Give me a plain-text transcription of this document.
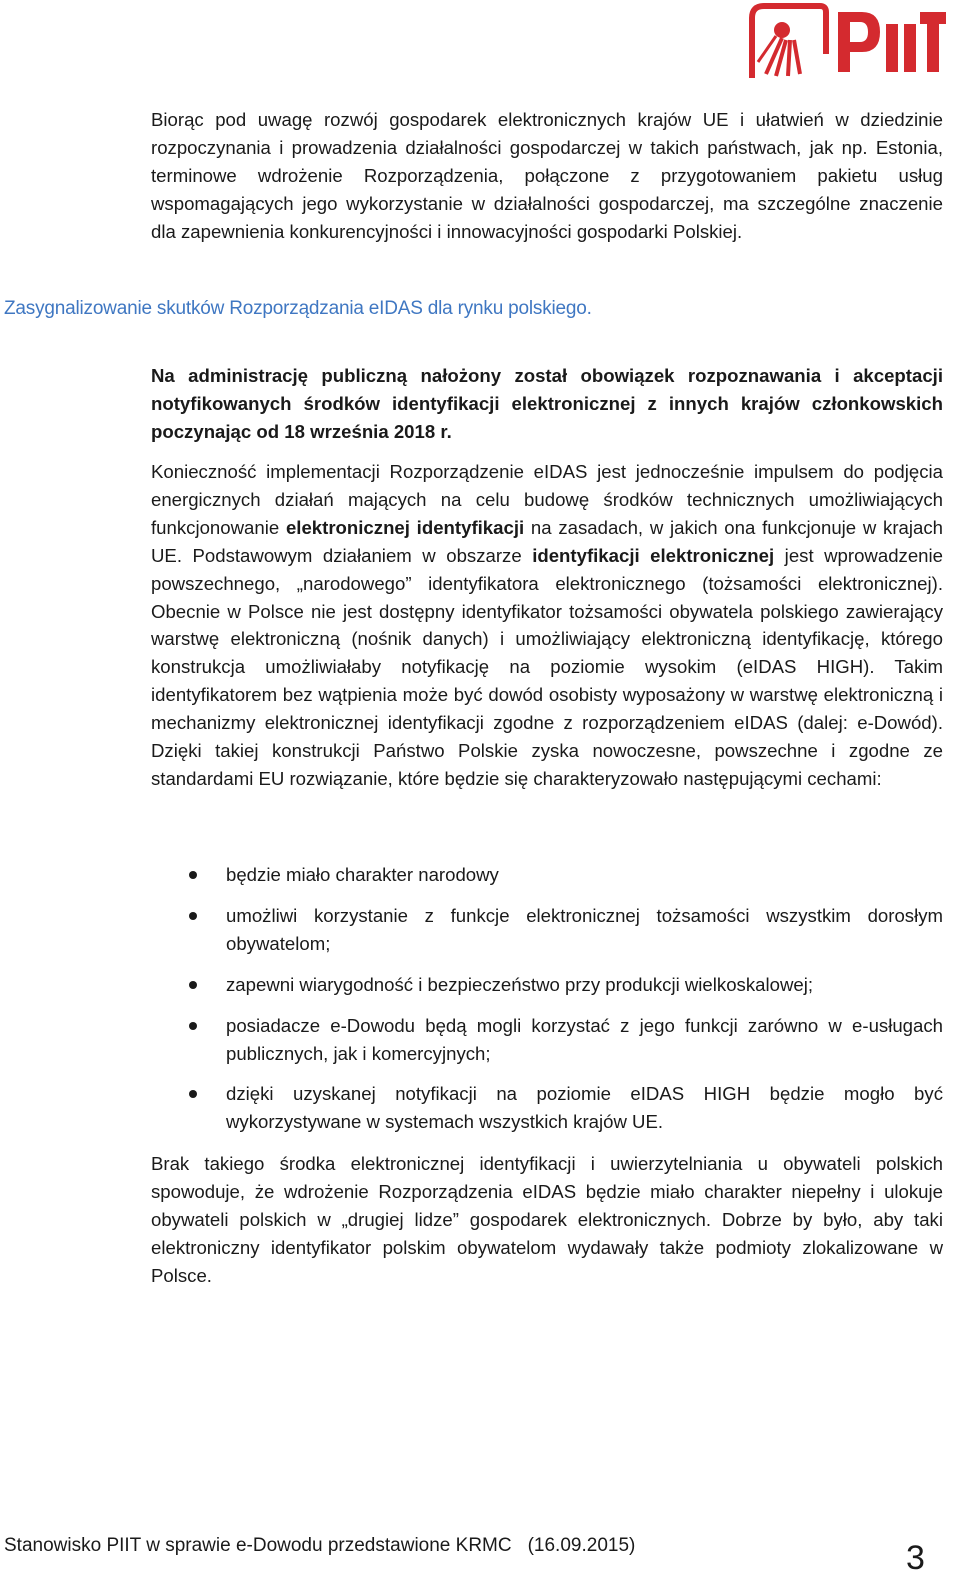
Biorąc pod uwagę rozwój gospodarek elektronicznych krajów UE i ułatwień w dziedzinie rozpoczynania i prowadzenia działalności gospodarczej w takich państwach, jak np. Estonia, terminowe wdrożenie Rozporządzenia, połączone z przygotowaniem pakietu usług wspomagających jego wykorzystanie w działalności gospodarczej, ma szczególne znaczenie dla zapewnienia konkurencyjności i innowacyjności gospodarki Polskiej.

Zasygnalizowanie skutków Rozporządzania eIDAS dla rynku polskiego.

Na administrację publiczną nałożony został obowiązek rozpoznawania i akceptacji notyfikowanych środków identyfikacji elektronicznej z innych krajów członkowskich poczynając od 18 września 2018 r.

Konieczność implementacji Rozporządzenie eIDAS jest jednocześnie impulsem do podjęcia energicznych działań mających na celu budowę środków technicznych umożliwiających funkcjonowanie elektronicznej identyfikacji na zasadach, w jakich ona funkcjonuje w krajach UE. Podstawowym działaniem w obszarze identyfikacji elektronicznej jest wprowadzenie powszechnego, „narodowego” identyfikatora elektronicznego (tożsamości elektronicznej). Obecnie w Polsce nie jest dostępny identyfikator tożsamości obywatela polskiego zawierający warstwę elektroniczną (nośnik danych) i umożliwiający elektroniczną identyfikację, którego konstrukcja umożliwiałaby notyfikację na poziomie wysokim (eIDAS HIGH). Takim identyfikatorem bez wątpienia może być dowód osobisty wyposażony w warstwę elektroniczną i mechanizmy elektronicznej identyfikacji zgodne z rozporządzeniem eIDAS (dalej: e-Dowód). Dzięki takiej konstrukcji Państwo Polskie zyska nowoczesne, powszechne i zgodne ze standardami EU rozwiązanie, które będzie się charakteryzowało następującymi cechami:

będzie miało charakter narodowy
umożliwi korzystanie z funkcje elektronicznej tożsamości wszystkim dorosłym obywatelom;
zapewni wiarygodność i bezpieczeństwo przy produkcji wielkoskalowej;
posiadacze e-Dowodu będą mogli korzystać z jego funkcji zarówno w e-usługach publicznych, jak i komercyjnych;
dzięki uzyskanej notyfikacji na poziomie eIDAS HIGH będzie mogło być wykorzystywane w systemach wszystkich krajów UE.

Brak takiego środka elektronicznej identyfikacji i uwierzytelniania u obywateli polskich spowoduje, że wdrożenie Rozporządzenia eIDAS będzie miało charakter niepełny i ulokuje obywateli polskich w „drugiej lidze” gospodarek elektronicznych. Dobrze by było, aby taki elektroniczny identyfikator polskim obywatelom wydawały także podmioty zlokalizowane w Polsce.

Stanowisko PIIT w sprawie e-Dowodu przedstawione KRMC (16.09.2015)	3
